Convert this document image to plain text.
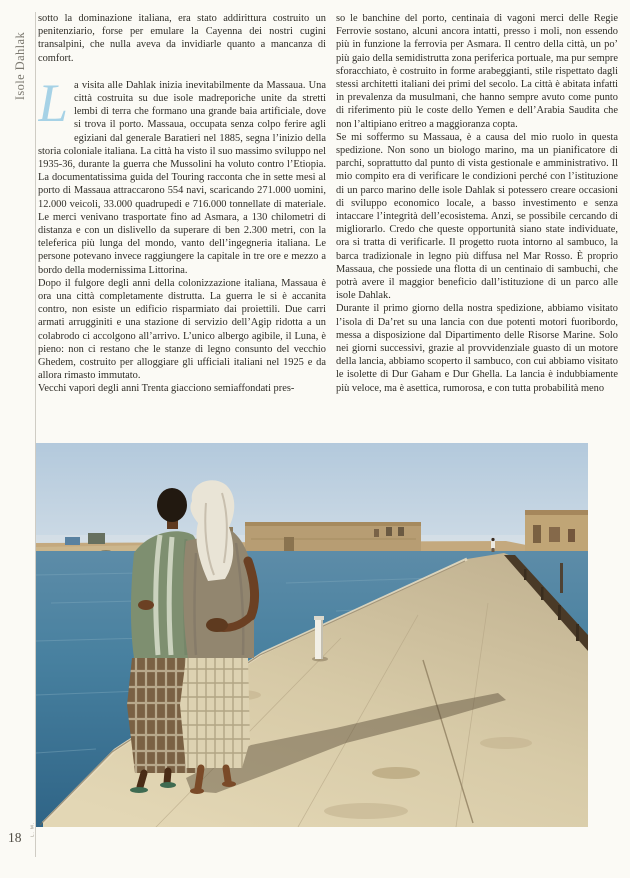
Isole Dahlak

sotto la dominazione italiana, era stato addirittura costruito un penitenziario, forse per emulare la Cayenna dei nostri cugini transalpini, che nulla aveva da invidiarle quanto a mancanza di comfort.

La visita alle Dahlak inizia inevitabilmente da Massaua. Una città costruita su due isole madreporiche unite da stretti lembi di terra che formano una grande baia artificiale, dove si trova il porto. Massaua, occupata senza colpo ferire agli egiziani dal generale Baratieri nel 1885, segna l’inizio della storia coloniale italiana. La città ha visto il suo massimo sviluppo nel 1935-36, durante la guerra che Mussolini ha voluto contro l’Etiopia. La documentatissima guida del Touring racconta che in sette mesi al porto di Massaua attraccarono 554 navi, scaricando 271.000 uomini, 12.000 veicoli, 33.000 quadrupedi e 716.000 tonnellate di materiale. Le merci venivano trasportate fino ad Asmara, a 130 chilometri di distanza e con un dislivello da superare di ben 2.300 metri, con la teleferica più lunga del mondo, vanto dell’ingegneria italiana. Le persone potevano invece raggiungere la capitale in tre ore e mezzo a bordo della modernissima Littorina.

Dopo il fulgore degli anni della colonizzazione italiana, Massaua è ora una città completamente distrutta. La guerra le si è accanita contro, non esiste un edificio risparmiato dai proiettili. Due carri armati arrugginiti e una stazione di servizio dell’Agip ridotta a un colabrodo ci accolgono all’arrivo. L’unico albergo agibile, il Luna, è pieno: non ci restano che le stanze di legno consunto del vecchio Ghedem, costruito per alloggiare gli ufficiali italiani nel 1925 e da allora rimasto immutato.

Vecchi vapori degli anni Trenta giacciono semiaffondati pres-

so le banchine del porto, centinaia di vagoni merci delle Regie Ferrovie sostano, alcuni ancora intatti, presso i moli, non essendo più in funzione la ferrovia per Asmara. Il centro della città, un po’ più gaio della semidistrutta zona periferica portuale, ma pur sempre sforacchiato, è costruito in forme arabeggianti, stile rispettato dagli stessi architetti italiani dei primi del secolo. La città è abitata infatti in prevalenza da musulmani, che hanno sempre avuto come punto di riferimento più le coste dello Yemen e dell’Arabia Saudita che non l’altipiano eritreo a maggioranza copta.

Se mi soffermo su Massaua, è a causa del mio ruolo in questa spedizione. Non sono un biologo marino, ma un pianificatore di parchi, soprattutto dal punto di vista gestionale e amministrativo. Il mio compito era di verificare le condizioni perché con l’istituzione di un parco marino delle isole Dahlak si potessero creare occasioni di sviluppo economico locale, a basso investimento e senza intaccare l’integrità dell’ecosistema. Anzi, se possibile cercando di migliorarlo. Credo che queste opportunità siano state individuate, ora si tratta di verificarle. Il progetto ruota intorno al sambuco, la barca tradizionale in legno più diffusa nel Mar Rosso. È proprio Massaua, che possiede una flotta di un centinaio di sambuchi, che potrà avere il maggior beneficio dall’istituzione di un parco alle isole Dahlak.

Durante il primo giorno della nostra spedizione, abbiamo visitato l’isola di Da’ret su una lancia con due potenti motori fuoribordo, messa a disposizione dal Dipartimento delle Risorse Marine. Solo nei giorni successivi, grazie al provvidenziale guasto di un motore della lancia, abbiamo scoperto il sambuco, con cui abbiamo visitato le isolette di Dur Gaham e Dur Ghella. La lancia è indubbiamente più veloce, ma è asettica, rumorosa, e con tutta probabilità meno

L. M.
18
